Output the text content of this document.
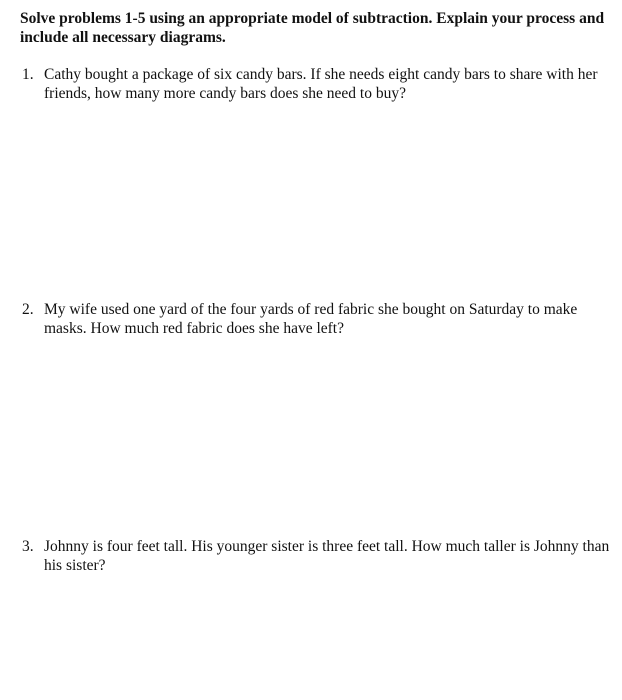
Solve problems 1-5 using an appropriate model of subtraction. Explain your process and include all necessary diagrams.

1. Cathy bought a package of six candy bars. If she needs eight candy bars to share with her friends, how many more candy bars does she need to buy?
2. My wife used one yard of the four yards of red fabric she bought on Saturday to make masks. How much red fabric does she have left?
3. Johnny is four feet tall. His younger sister is three feet tall. How much taller is Johnny than his sister?
